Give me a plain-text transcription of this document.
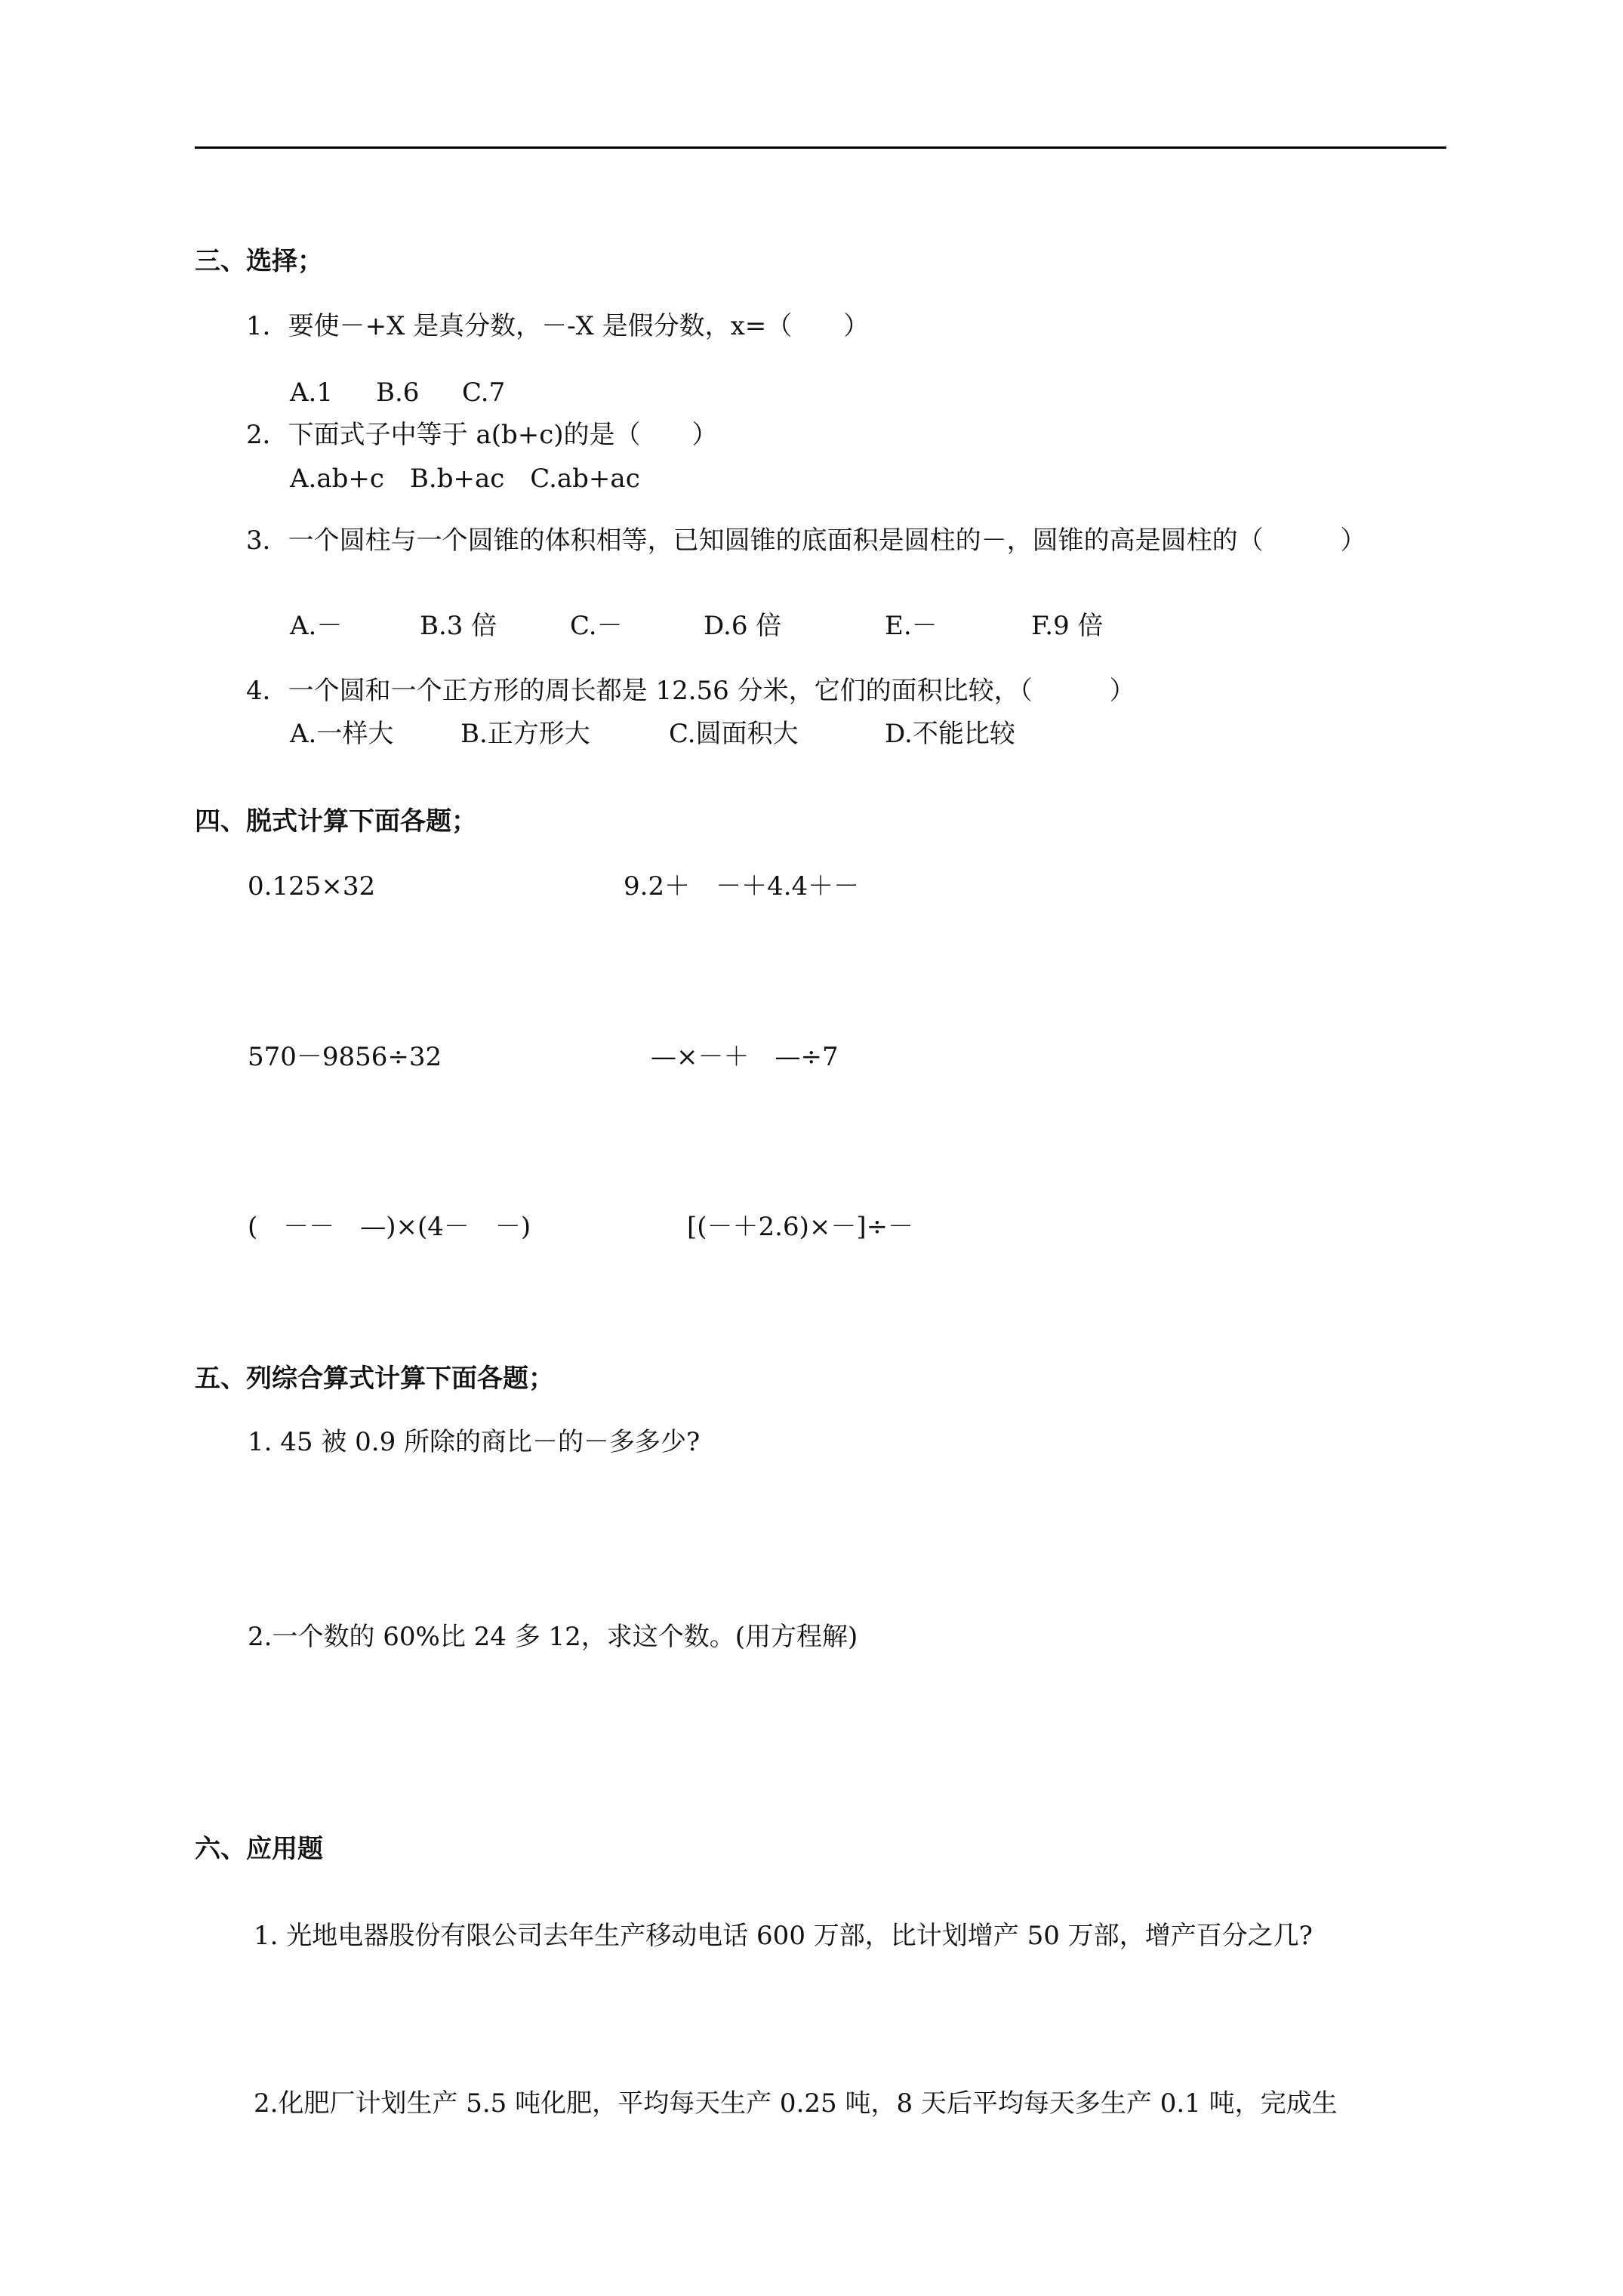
三、选择；
1．要使－+X 是真分数，－-X 是假分数，x=（　　）
A.1 B.6 C.7
2．下面式子中等于 a(b+c)的是（　　）
A.ab+c　B.b+ac　C.ab+ac
3．一个圆柱与一个圆锥的体积相等，已知圆锥的底面积是圆柱的－，圆锥的高是圆柱的（　　　）
A.－	B.3 倍	C.－	D.6 倍	E.－	F.9 倍
4．一个圆和一个正方形的周长都是 12.56 分米，它们的面积比较，（　　　）
A.一样大	B.正方形大	C.圆面积大	D.不能比较
四、脱式计算下面各题；
0.125×32	9.2＋　－＋4.4＋－
570－9856÷32	—×－＋　—÷7
(　－－　—)×(4－　－)	[(－＋2.6)×－]÷－
五、列综合算式计算下面各题；
1. 45 被 0.9 所除的商比－的－多多少?
2.一个数的 60%比 24 多 12，求这个数。(用方程解)
六、应用题
1. 光地电器股份有限公司去年生产移动电话 600 万部，比计划增产 50 万部，增产百分之几?
2.化肥厂计划生产 5.5 吨化肥，平均每天生产 0.25 吨，8 天后平均每天多生产 0.1 吨，完成生
